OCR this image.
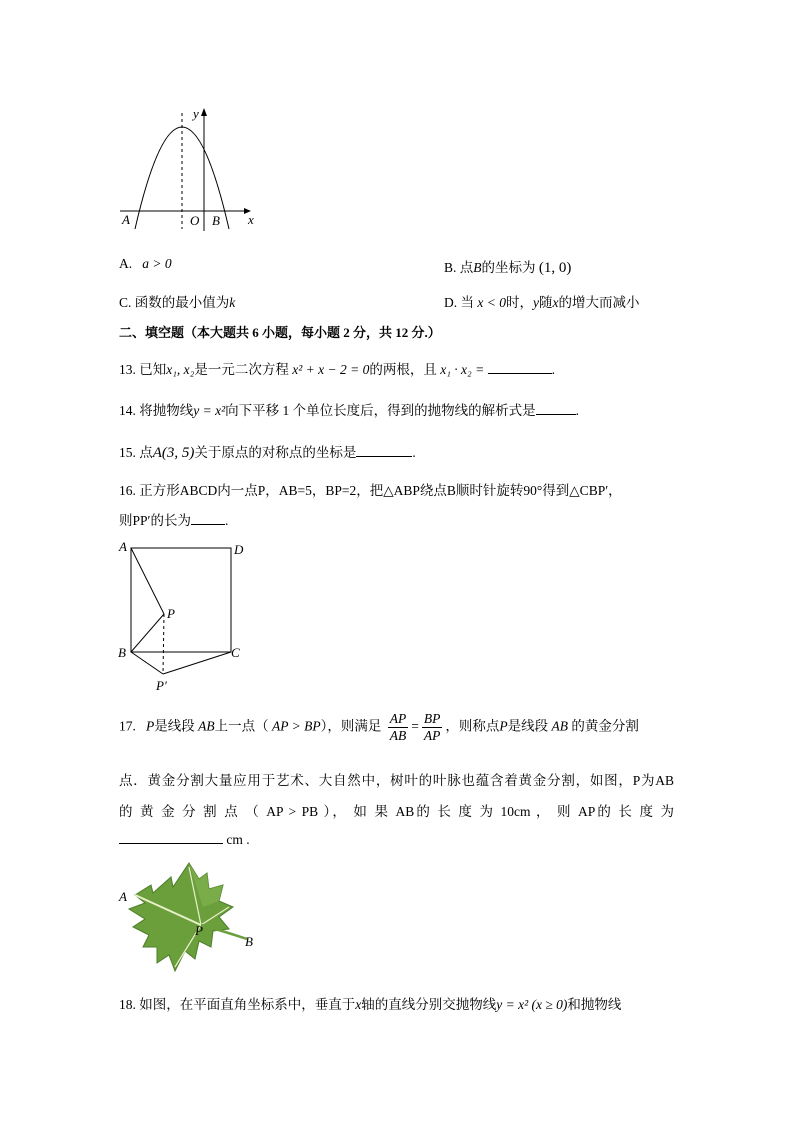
y
x
A	O B
A. a > 0	B. 点B的坐标为 (1, 0)
C. 函数的最小值为k	D. 当 x < 0时，y随x的增大而减小
二、填空题（本大题共 6 小题，每小题 2 分，共 12 分.）
13. 已知x₁, x₂是一元二次方程 x² + x − 2 = 0的两根，且 x₁ · x₂ =	.
14. 将抛物线y = x²向下平移 1 个单位长度后，得到的抛物线的解析式是	.
15. 点A(3, 5)关于原点的对称点的坐标是	.
16. 正方形ABCD内一点P，AB=5，BP=2，把△ABP绕点B顺时针旋转90°得到△CBP′，
则PP′的长为	.
A	D
B	C
P
P′
17. P是线段 AB上一点（ AP > BP），则满足 $\frac{AP}{AB} = \frac{BP}{AP}$ ，则称点P是线段 AB 的黄金分割
点．黄金分割大量应用于艺术、大自然中，树叶的叶脉也蕴含着黄金分割，如图，P为AB
的 黄 金 分 割 点 （ AP > PB ）， 如 果 AB的 长 度 为 10cm ， 则 AP的 长 度 为
cm .
A
P
B
18. 如图，在平面直角坐标系中，垂直于x轴的直线分别交抛物线y = x² (x ≥ 0)和抛物线
